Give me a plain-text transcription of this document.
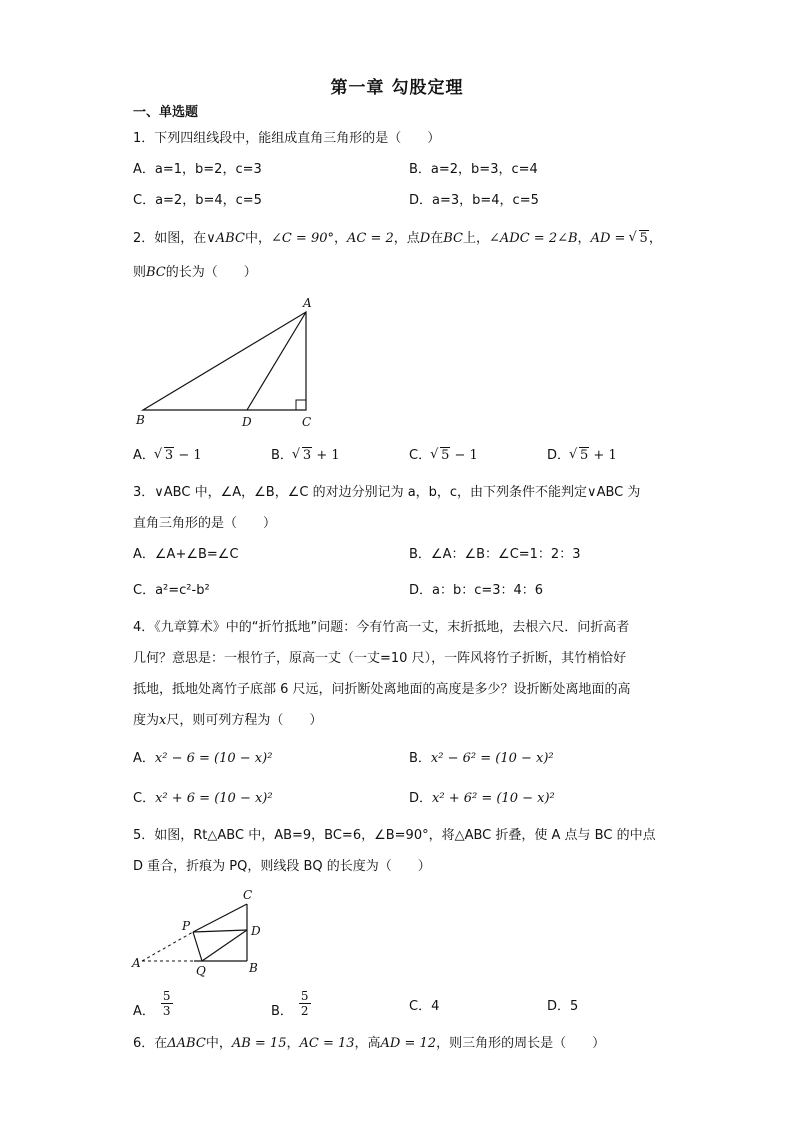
第一章 勾股定理
一、单选题
1．下列四组线段中，能组成直角三角形的是（　　）
A．a=1，b=2，c=3	B．a=2，b=3，c=4
C．a=2，b=4，c=5	D．a=3，b=4，c=5
2．如图，在∨ABC中，∠C = 90°，AC = 2，点D在BC上，∠ADC = 2∠B，AD = √ 5，
则BC的长为（　　）
A
B	D	C
A． √ 3 − 1	B． √ 3 + 1	C． √ 5 − 1	D． √ 5 + 1
3．∨ABC 中，∠A，∠B，∠C 的对边分别记为 a，b，c，由下列条件不能判定∨ABC 为
直角三角形的是（　　）
A．∠A+∠B=∠C	B．∠A：∠B：∠C=1：2：3
C．a²=c²-b²	D．a：b：c=3：4：6
4．《九章算术》中的“折竹抵地”问题：今有竹高一丈，末折抵地，去根六尺．问折高者
几何？意思是：一根竹子，原高一丈（一丈=10 尺），一阵风将竹子折断，其竹梢恰好
抵地，抵地处离竹子底部 6 尺远，问折断处离地面的高度是多少？设折断处离地面的高
度为x尺，则可列方程为（　　）
A．x² − 6 = (10 − x)²	B．x² − 6² = (10 − x)²
C．x² + 6 = (10 − x)²	D．x² + 6² = (10 − x)²
5．如图，Rt△ABC 中，AB=9，BC=6，∠B=90°，将△ABC 折叠，使 A 点与 BC 的中点
D 重合，折痕为 PQ，则线段 BQ 的长度为（　　）
C
P	D
A
Q	B
A． $\frac{5}{3}$	B． $\frac{5}{2}$	C．4	D．5
6．在ΔABC中，AB = 15，AC = 13，高AD = 12，则三角形的周长是（　　）
